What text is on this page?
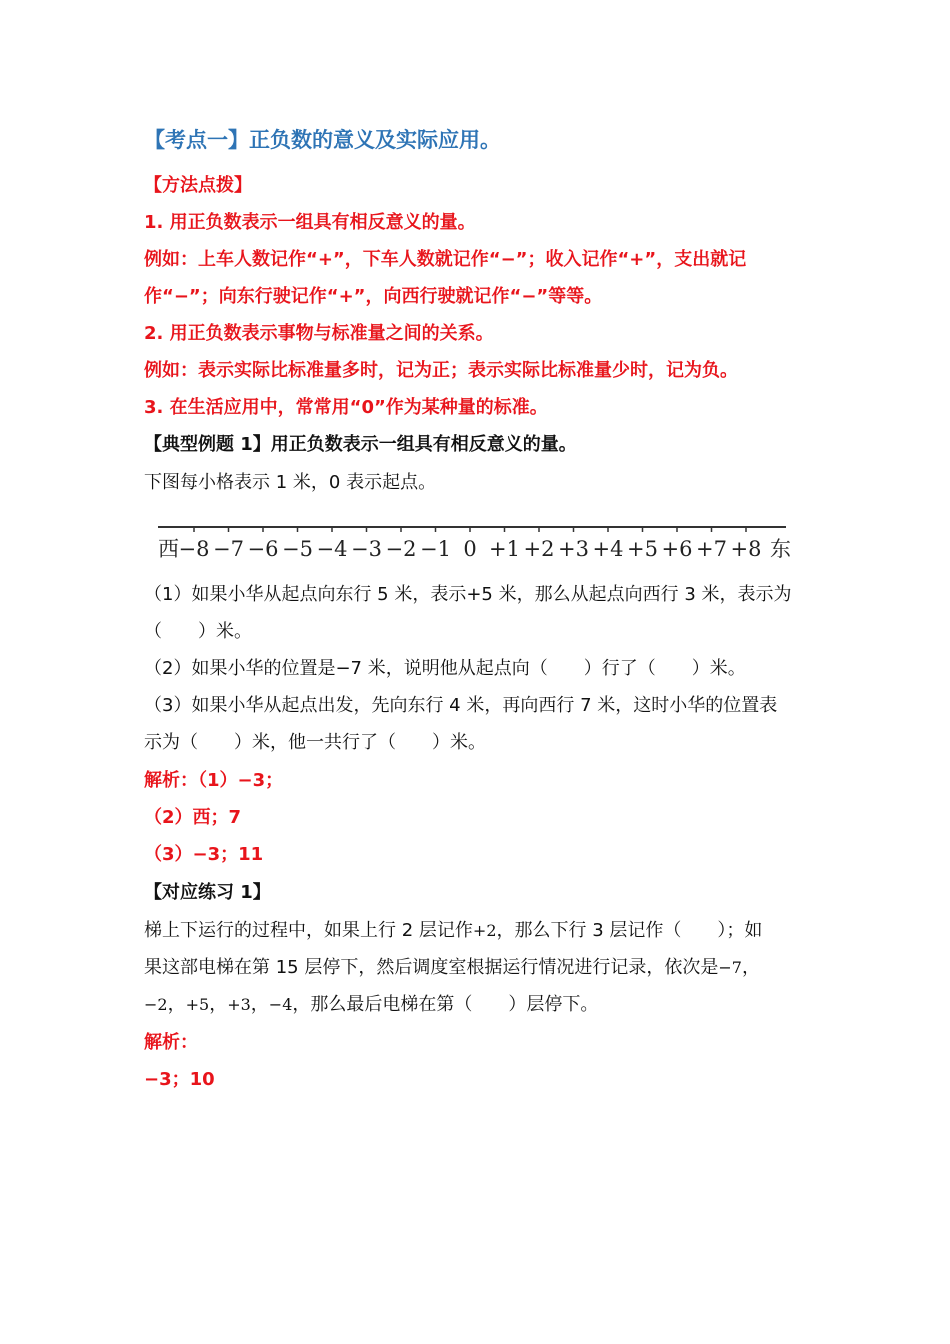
【考点一】正负数的意义及实际应用。
【方法点拨】
1. 用正负数表示一组具有相反意义的量。
例如：上车人数记作“+”，下车人数就记作“−”；收入记作“+”，支出就记
作“−”；向东行驶记作“+”，向西行驶就记作“−”等等。
2. 用正负数表示事物与标准量之间的关系。
例如：表示实际比标准量多时，记为正；表示实际比标准量少时，记为负。
3. 在生活应用中，常常用“0”作为某种量的标准。
【典型例题 1】用正负数表示一组具有相反意义的量。
下图每小格表示 1 米，0 表示起点。
西	东
−8 −7 −6 −5 −4 −3 −2 −1 0 +1 +2 +3 +4 +5 +6 +7 +8
（1）如果小华从起点向东行 5 米，表示+5 米，那么从起点向西行 3 米，表示为
（　　）米。
（2）如果小华的位置是−7 米，说明他从起点向（　　）行了（　　）米。
（3）如果小华从起点出发，先向东行 4 米，再向西行 7 米，这时小华的位置表
示为（　　）米，他一共行了（　　）米。
解析：（1）−3；
（2）西；7
（3）−3；11
【对应练习 1】
梯上下运行的过程中，如果上行 2 层记作+2，那么下行 3 层记作（　　）；如
果这部电梯在第 15 层停下，然后调度室根据运行情况进行记录，依次是−7，
−2，+5，+3，−4，那么最后电梯在第（　　）层停下。
解析：
−3；10
